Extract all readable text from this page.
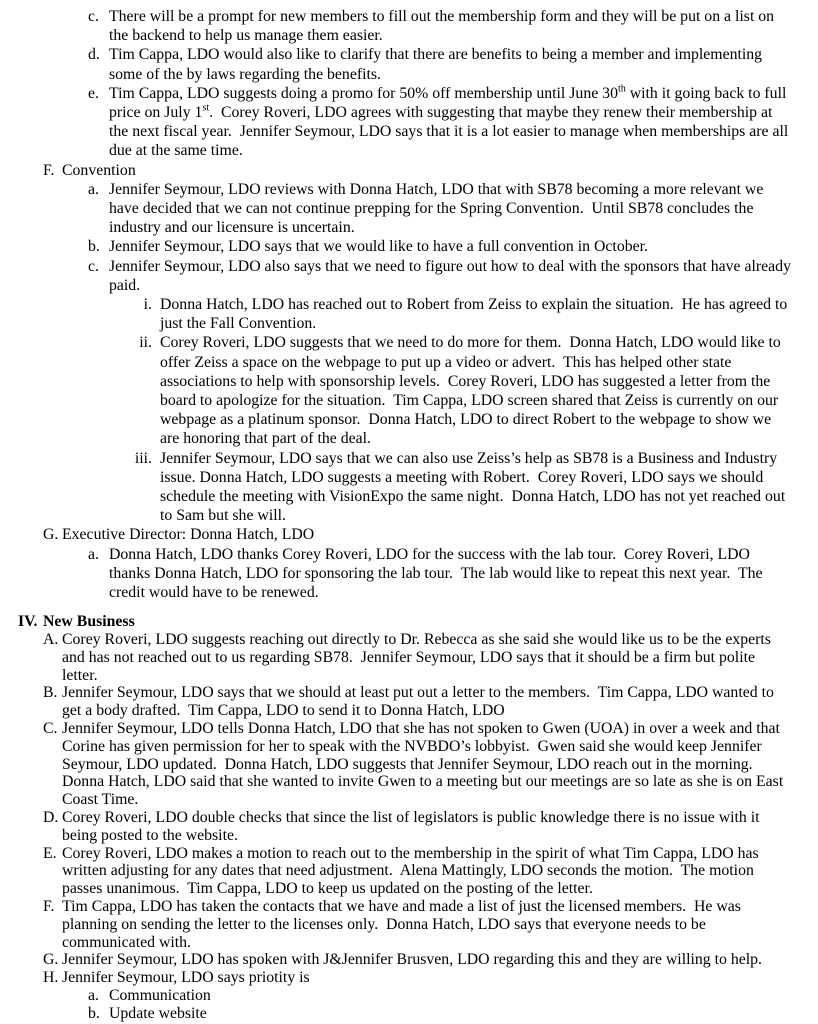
c. There will be a prompt for new members to fill out the membership form and they will be put on a list on the backend to help us manage them easier.
d. Tim Cappa, LDO would also like to clarify that there are benefits to being a member and implementing some of the by laws regarding the benefits.
e. Tim Cappa, LDO suggests doing a promo for 50% off membership until June 30th with it going back to full price on July 1st.  Corey Roveri, LDO agrees with suggesting that maybe they renew their membership at the next fiscal year.  Jennifer Seymour, LDO says that it is a lot easier to manage when memberships are all due at the same time.
F. Convention
a. Jennifer Seymour, LDO reviews with Donna Hatch, LDO that with SB78 becoming a more relevant we have decided that we can not continue prepping for the Spring Convention.  Until SB78 concludes the industry and our licensure is uncertain.
b. Jennifer Seymour, LDO says that we would like to have a full convention in October.
c. Jennifer Seymour, LDO also says that we need to figure out how to deal with the sponsors that have already paid.
i. Donna Hatch, LDO has reached out to Robert from Zeiss to explain the situation.  He has agreed to just the Fall Convention.
ii. Corey Roveri, LDO suggests that we need to do more for them.  Donna Hatch, LDO would like to offer Zeiss a space on the webpage to put up a video or advert.  This has helped other state associations to help with sponsorship levels.  Corey Roveri, LDO has suggested a letter from the board to apologize for the situation.  Tim Cappa, LDO screen shared that Zeiss is currently on our webpage as a platinum sponsor.  Donna Hatch, LDO to direct Robert to the webpage to show we are honoring that part of the deal.
iii. Jennifer Seymour, LDO says that we can also use Zeiss’s help as SB78 is a Business and Industry issue. Donna Hatch, LDO suggests a meeting with Robert.  Corey Roveri, LDO says we should schedule the meeting with VisionExpo the same night.  Donna Hatch, LDO has not yet reached out to Sam but she will.
G. Executive Director: Donna Hatch, LDO
a. Donna Hatch, LDO thanks Corey Roveri, LDO for the success with the lab tour.  Corey Roveri, LDO thanks Donna Hatch, LDO for sponsoring the lab tour.  The lab would like to repeat this next year.  The credit would have to be renewed.
IV. New Business
A. Corey Roveri, LDO suggests reaching out directly to Dr. Rebecca as she said she would like us to be the experts and has not reached out to us regarding SB78.  Jennifer Seymour, LDO says that it should be a firm but polite letter.
B. Jennifer Seymour, LDO says that we should at least put out a letter to the members.  Tim Cappa, LDO wanted to get a body drafted.  Tim Cappa, LDO to send it to Donna Hatch, LDO
C. Jennifer Seymour, LDO tells Donna Hatch, LDO that she has not spoken to Gwen (UOA) in over a week and that Corine has given permission for her to speak with the NVBDO’s lobbyist.  Gwen said she would keep Jennifer Seymour, LDO updated.  Donna Hatch, LDO suggests that Jennifer Seymour, LDO reach out in the morning. Donna Hatch, LDO said that she wanted to invite Gwen to a meeting but our meetings are so late as she is on East Coast Time.
D. Corey Roveri, LDO double checks that since the list of legislators is public knowledge there is no issue with it being posted to the website.
E. Corey Roveri, LDO makes a motion to reach out to the membership in the spirit of what Tim Cappa, LDO has written adjusting for any dates that need adjustment.  Alena Mattingly, LDO seconds the motion.  The motion passes unanimous.  Tim Cappa, LDO to keep us updated on the posting of the letter.
F. Tim Cappa, LDO has taken the contacts that we have and made a list of just the licensed members.  He was planning on sending the letter to the licenses only.  Donna Hatch, LDO says that everyone needs to be communicated with.
G. Jennifer Seymour, LDO has spoken with J&Jennifer Brusven, LDO regarding this and they are willing to help.
H. Jennifer Seymour, LDO says priotity is
a. Communication
b. Update website
